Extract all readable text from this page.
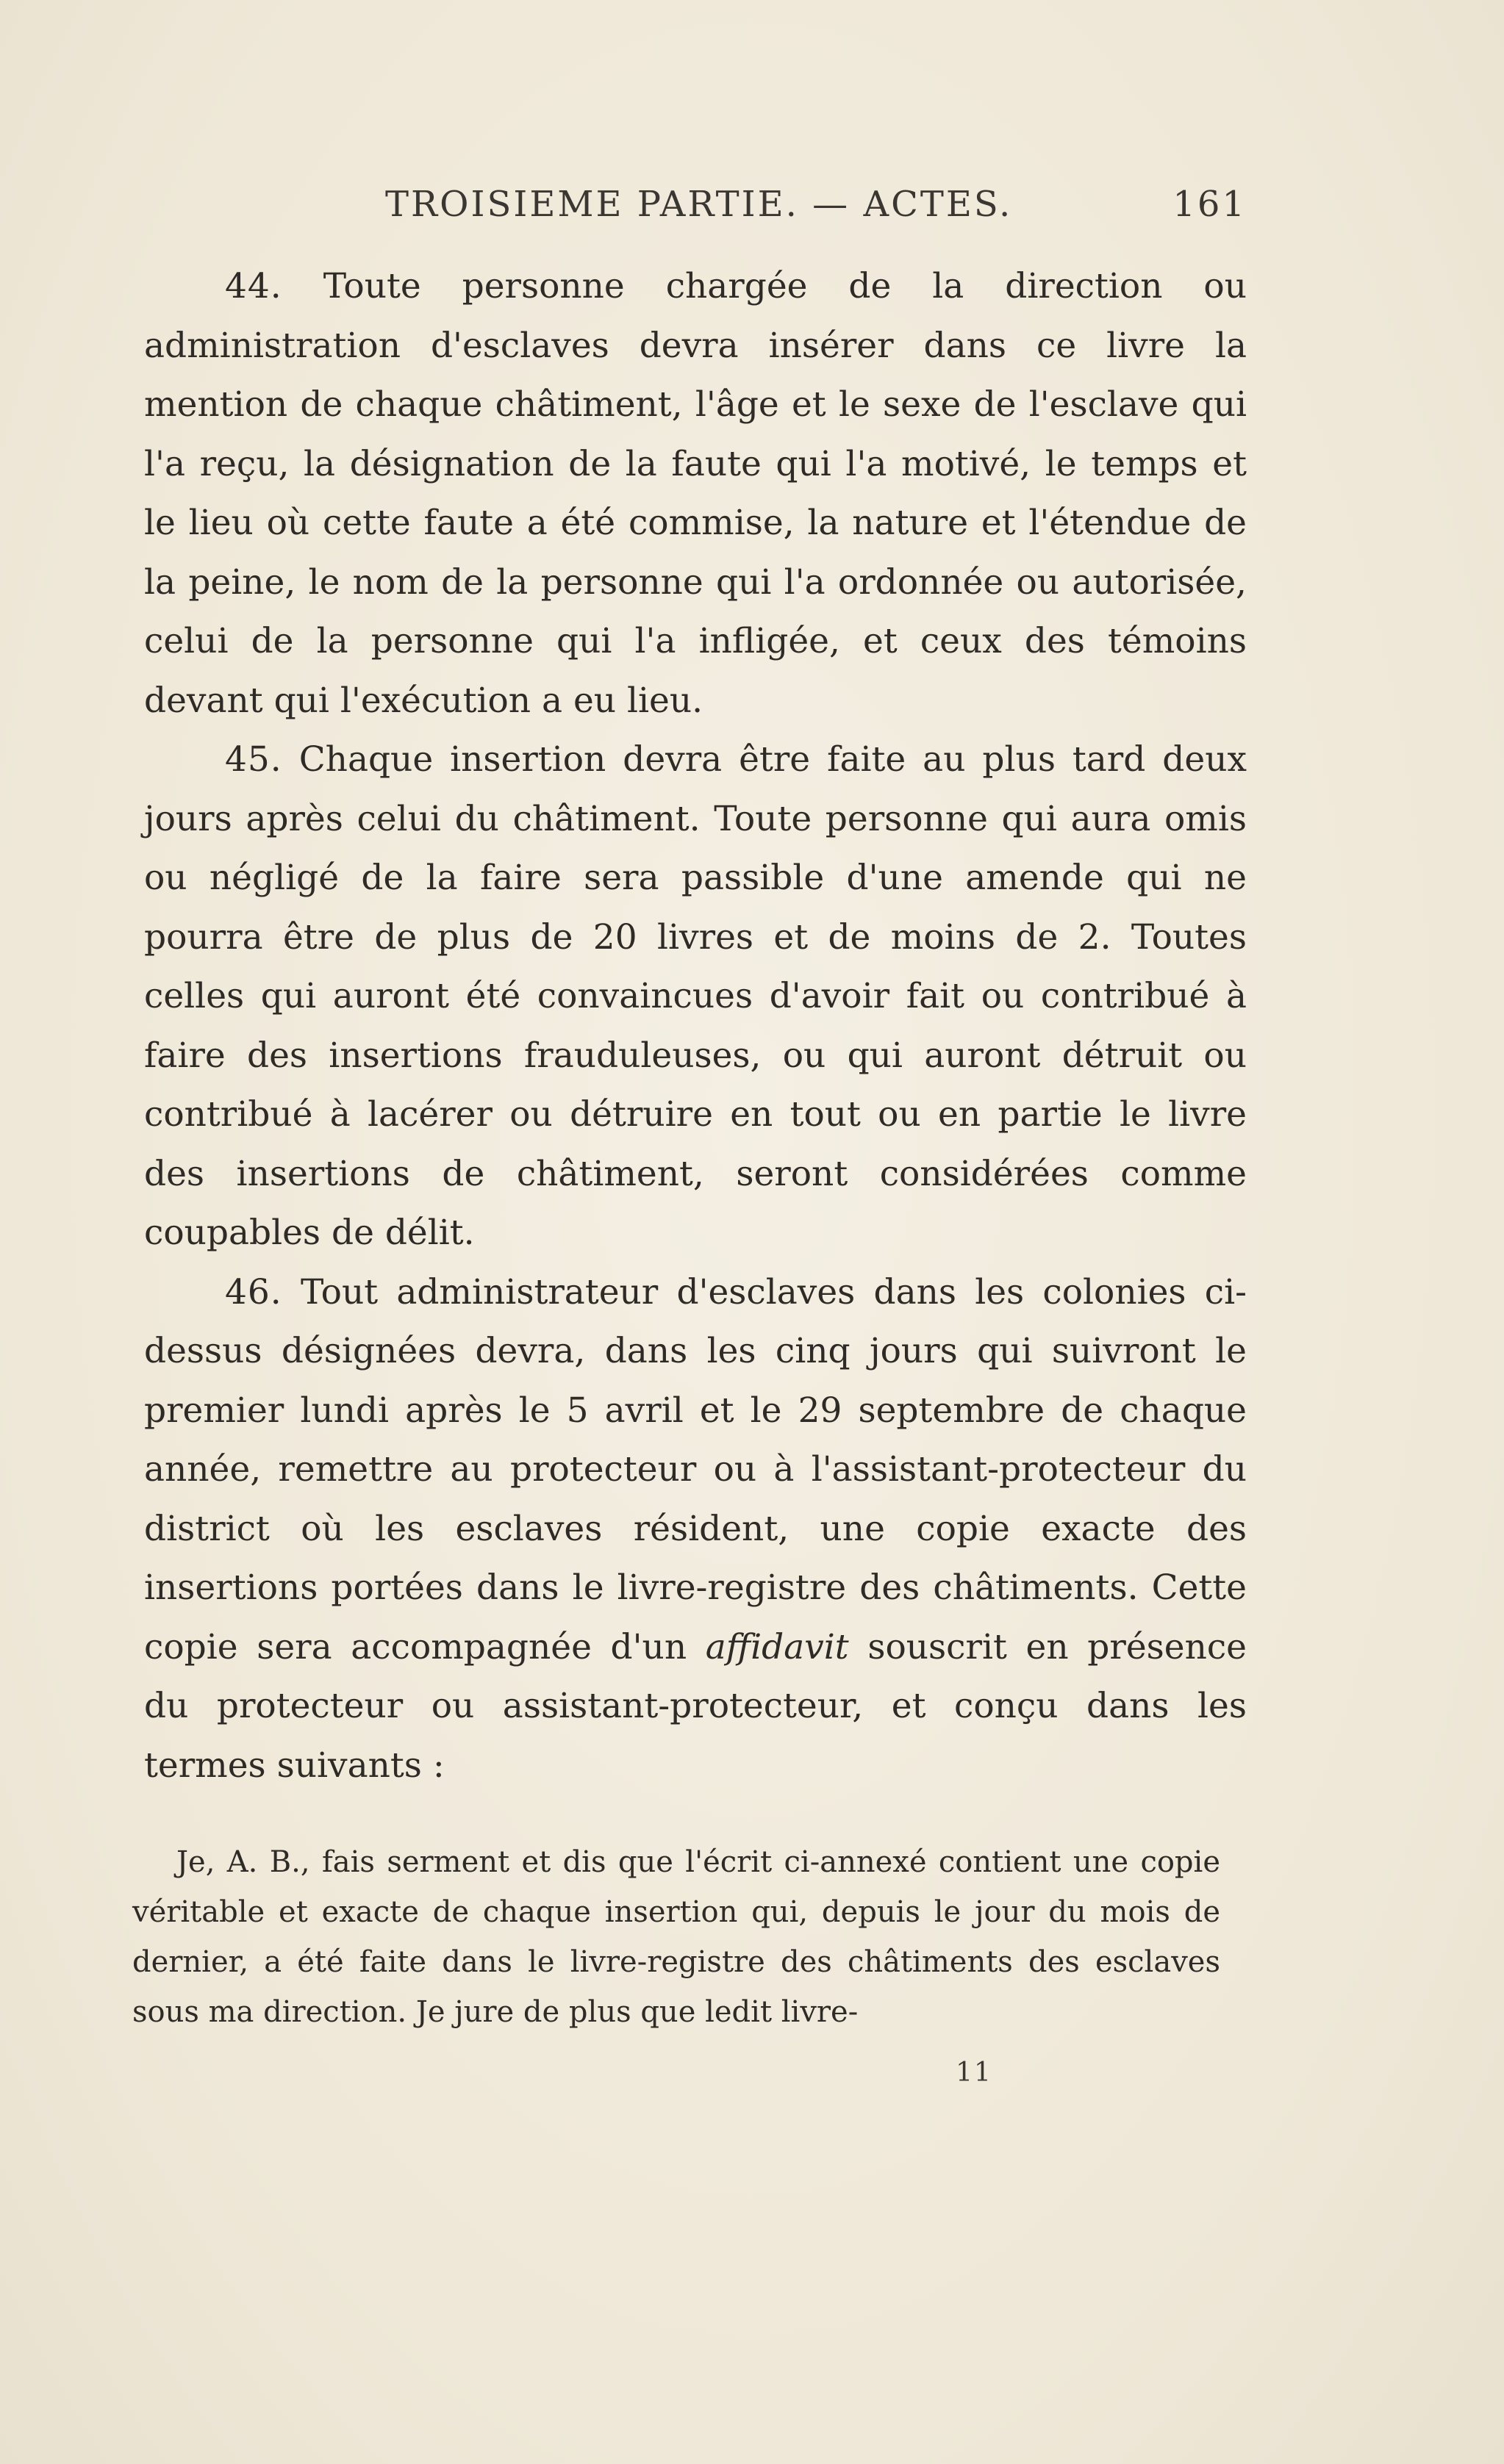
TROISIEME PARTIE. — ACTES.	161

44. Toute personne chargée de la direction ou administration d'esclaves devra insérer dans ce livre la mention de chaque châtiment, l'âge et le sexe de l'esclave qui l'a reçu, la désignation de la faute qui l'a motivé, le temps et le lieu où cette faute a été commise, la nature et l'étendue de la peine, le nom de la personne qui l'a ordonnée ou autorisée, celui de la personne qui l'a infligée, et ceux des témoins devant qui l'exécution a eu lieu.

45. Chaque insertion devra être faite au plus tard deux jours après celui du châtiment. Toute personne qui aura omis ou négligé de la faire sera passible d'une amende qui ne pourra être de plus de 20 livres et de moins de 2. Toutes celles qui auront été convaincues d'avoir fait ou contribué à faire des insertions frauduleuses, ou qui auront détruit ou contribué à lacérer ou détruire en tout ou en partie le livre des insertions de châtiment, seront considérées comme coupables de délit.

46. Tout administrateur d'esclaves dans les colonies ci-dessus désignées devra, dans les cinq jours qui suivront le premier lundi après le 5 avril et le 29 septembre de chaque année, remettre au protecteur ou à l'assistant-protecteur du district où les esclaves résident, une copie exacte des insertions portées dans le livre-registre des châtiments. Cette copie sera accompagnée d'un affidavit souscrit en présence du protecteur ou assistant-protecteur, et conçu dans les termes suivants :

Je, A. B., fais serment et dis que l'écrit ci-annexé contient une copie véritable et exacte de chaque insertion qui, depuis le jour du mois de dernier, a été faite dans le livre-registre des châtiments des esclaves sous ma direction. Je jure de plus que ledit livre-

11
